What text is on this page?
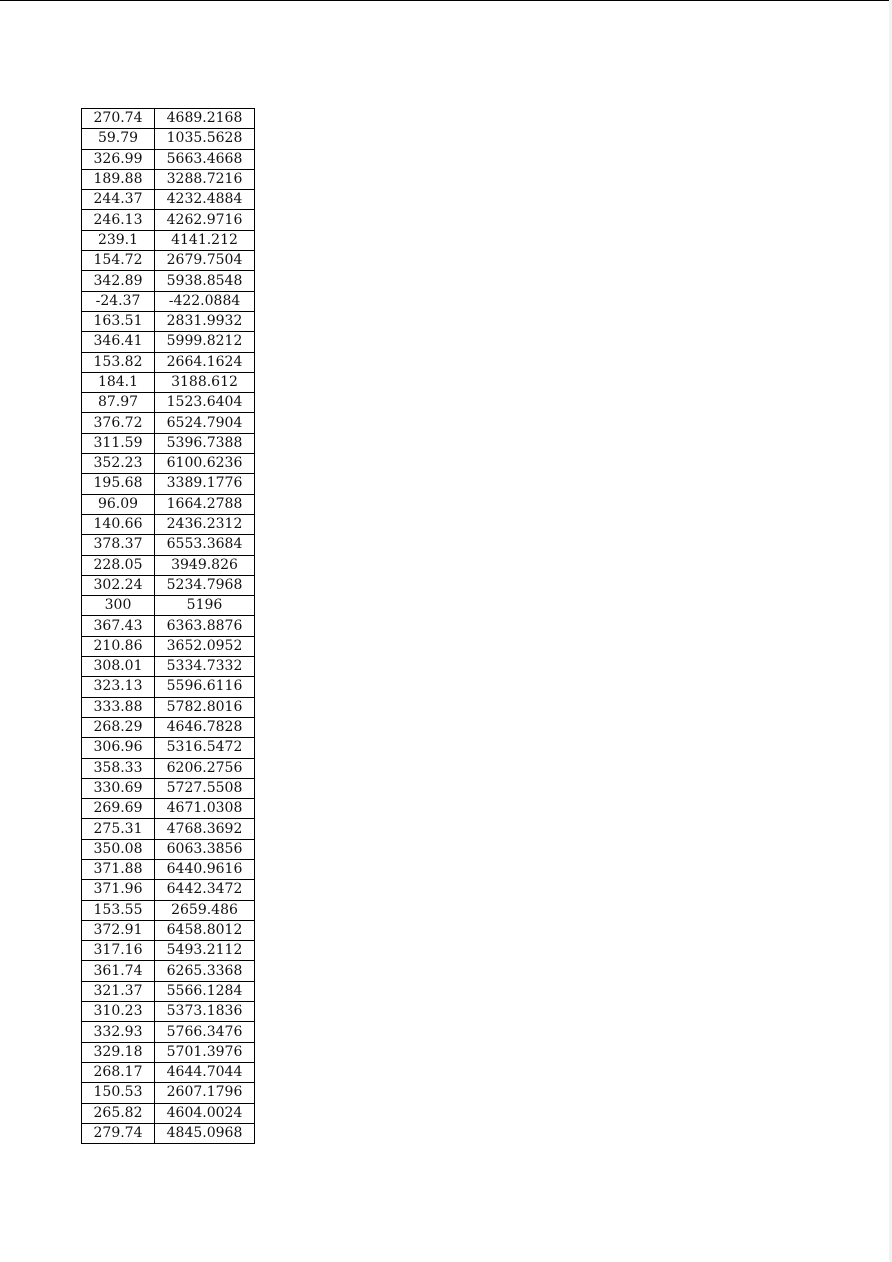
270.74	4689.2168
59.79	1035.5628
326.99	5663.4668
189.88	3288.7216
244.37	4232.4884
246.13	4262.9716
239.1	4141.212
154.72	2679.7504
342.89	5938.8548
-24.37	-422.0884
163.51	2831.9932
346.41	5999.8212
153.82	2664.1624
184.1	3188.612
87.97	1523.6404
376.72	6524.7904
311.59	5396.7388
352.23	6100.6236
195.68	3389.1776
96.09	1664.2788
140.66	2436.2312
378.37	6553.3684
228.05	3949.826
302.24	5234.7968
300	5196
367.43	6363.8876
210.86	3652.0952
308.01	5334.7332
323.13	5596.6116
333.88	5782.8016
268.29	4646.7828
306.96	5316.5472
358.33	6206.2756
330.69	5727.5508
269.69	4671.0308
275.31	4768.3692
350.08	6063.3856
371.88	6440.9616
371.96	6442.3472
153.55	2659.486
372.91	6458.8012
317.16	5493.2112
361.74	6265.3368
321.37	5566.1284
310.23	5373.1836
332.93	5766.3476
329.18	5701.3976
268.17	4644.7044
150.53	2607.1796
265.82	4604.0024
279.74	4845.0968
